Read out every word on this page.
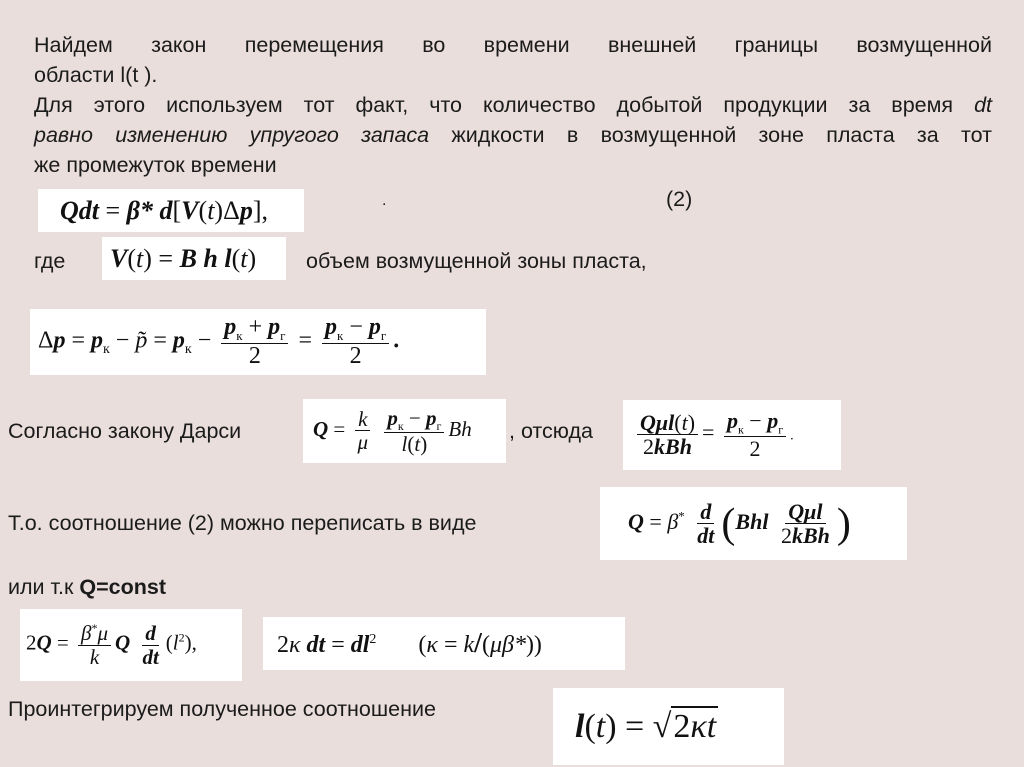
Найдем закон перемещения во времени внешней границы возмущенной
области l(t ).
Для этого используем тот факт, что количество добытой продукции за время dt
равно изменению упругого запаса жидкости в возмущенной зоне пласта за тот
же промежуток времени
Qdt = β* d[V(t)Δp],	.	(2)
где	V(t) = B h l(t) объем возмущенной зоны пласта,
$\Delta p = p_к$ − p̃ = $p_к - \frac{p_к + p_г}{2} = \frac{p_к - p_г}{2}$ .
Согласно закону Дарси	$Q = \frac{k}{\mu}$
$\frac{p_к - p_г}{l(t)}$ Bh , отсюда $\frac{\text{Qμl(t)}}{\text{2kBh}} = \frac{p_к - p_г}{2}$ .
Т.о. соотношение (2) можно переписать в виде	$Q = \beta^* \frac{d}{dt} (Bhl \frac{\text{Qμl}}{\text{2kBh}}$ )
или т.к Q=const
$2Q = \frac{\beta^*\mu}{k}$ Q $\frac{d}{dt} (l^2)$,	2κ dt = $dl^2$  (κ = k/(μβ*))
Проинтегрируем полученное соотношение	l(t) = √2κt
